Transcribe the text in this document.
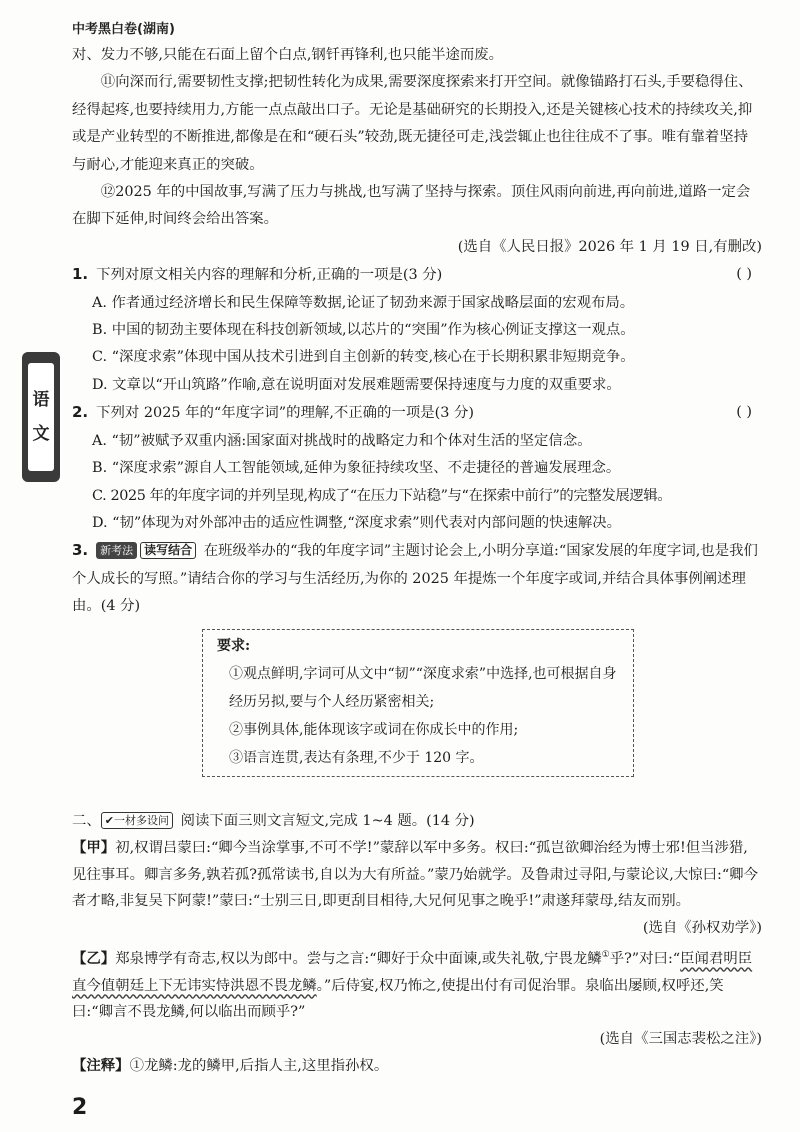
中考黑白卷(湖南)
语
文

对、发力不够,只能在石面上留个白点,钢钎再锋利,也只能半途而废。

⑪向深而行,需要韧性支撑;把韧性转化为成果,需要深度探索来打开空间。就像锚路打石头,手要稳得住、经得起疼,也要持续用力,方能一点点敲出口子。无论是基础研究的长期投入,还是关键核心技术的持续攻关,抑或是产业转型的不断推进,都像是在和“硬石头”较劲,既无捷径可走,浅尝辄止也往往成不了事。唯有靠着坚持与耐心,才能迎来真正的突破。

⑫2025 年的中国故事,写满了压力与挑战,也写满了坚持与探索。顶住风雨向前进,再向前进,道路一定会在脚下延伸,时间终会给出答案。

(选自《人民日报》2026 年 1 月 19 日,有删改)

1. 下列对原文相关内容的理解和分析,正确的一项是(3 分)	( )

A. 作者通过经济增长和民生保障等数据,论证了韧劲来源于国家战略层面的宏观布局。

B. 中国的韧劲主要体现在科技创新领域,以芯片的“突围”作为核心例证支撑这一观点。

C. “深度求索”体现中国从技术引进到自主创新的转变,核心在于长期积累非短期竞争。

D. 文章以“开山筑路”作喻,意在说明面对发展难题需要保持速度与力度的双重要求。

2. 下列对 2025 年的“年度字词”的理解,不正确的一项是(3 分)	( )

A. “韧”被赋予双重内涵:国家面对挑战时的战略定力和个体对生活的坚定信念。

B. “深度求索”源自人工智能领域,延伸为象征持续攻坚、不走捷径的普遍发展理念。

C. 2025 年的年度字词的并列呈现,构成了“在压力下站稳”与“在探索中前行”的完整发展逻辑。

D. “韧”体现为对外部冲击的适应性调整,“深度求索”则代表对内部问题的快速解决。

3. 新考法 读写结合 在班级举办的“我的年度字词”主题讨论会上,小明分享道:“国家发展的年度字词,也是我们个人成长的写照。”请结合你的学习与生活经历,为你的 2025 年提炼一个年度字或词,并结合具体事例阐述理由。(4 分)

要求:
①观点鲜明,字词可从文中“韧”“深度求索”中选择,也可根据自身经历另拟,要与个人经历紧密相关;
②事例具体,能体现该字或词在你成长中的作用;
③语言连贯,表达有条理,不少于 120 字。

二、 ✔一材多设问 阅读下面三则文言短文,完成 1~4 题。(14 分)

【甲】初,权谓吕蒙曰:“卿今当涂掌事,不可不学!”蒙辞以军中多务。权曰:“孤岂欲卿治经为博士邪!但当涉猎,见往事耳。卿言多务,孰若孤?孤常读书,自以为大有所益。”蒙乃始就学。及鲁肃过寻阳,与蒙论议,大惊曰:“卿今者才略,非复吴下阿蒙!”蒙曰:“士别三日,即更刮目相待,大兄何见事之晚乎!”肃遂拜蒙母,结友而别。

(选自《孙权劝学》)

【乙】郑泉博学有奇志,权以为郎中。尝与之言:“卿好于众中面谏,或失礼敬,宁畏龙鳞①乎?”对曰:“臣闻君明臣直今值朝廷上下无讳实恃洪恩不畏龙鳞。”后侍宴,权乃怖之,使提出付有司促治罪。泉临出屡顾,权呼还,笑曰:“卿言不畏龙鳞,何以临出而顾乎?”

(选自《三国志裴松之注》)

【注释】①龙鳞:龙的鳞甲,后指人主,这里指孙权。

2
